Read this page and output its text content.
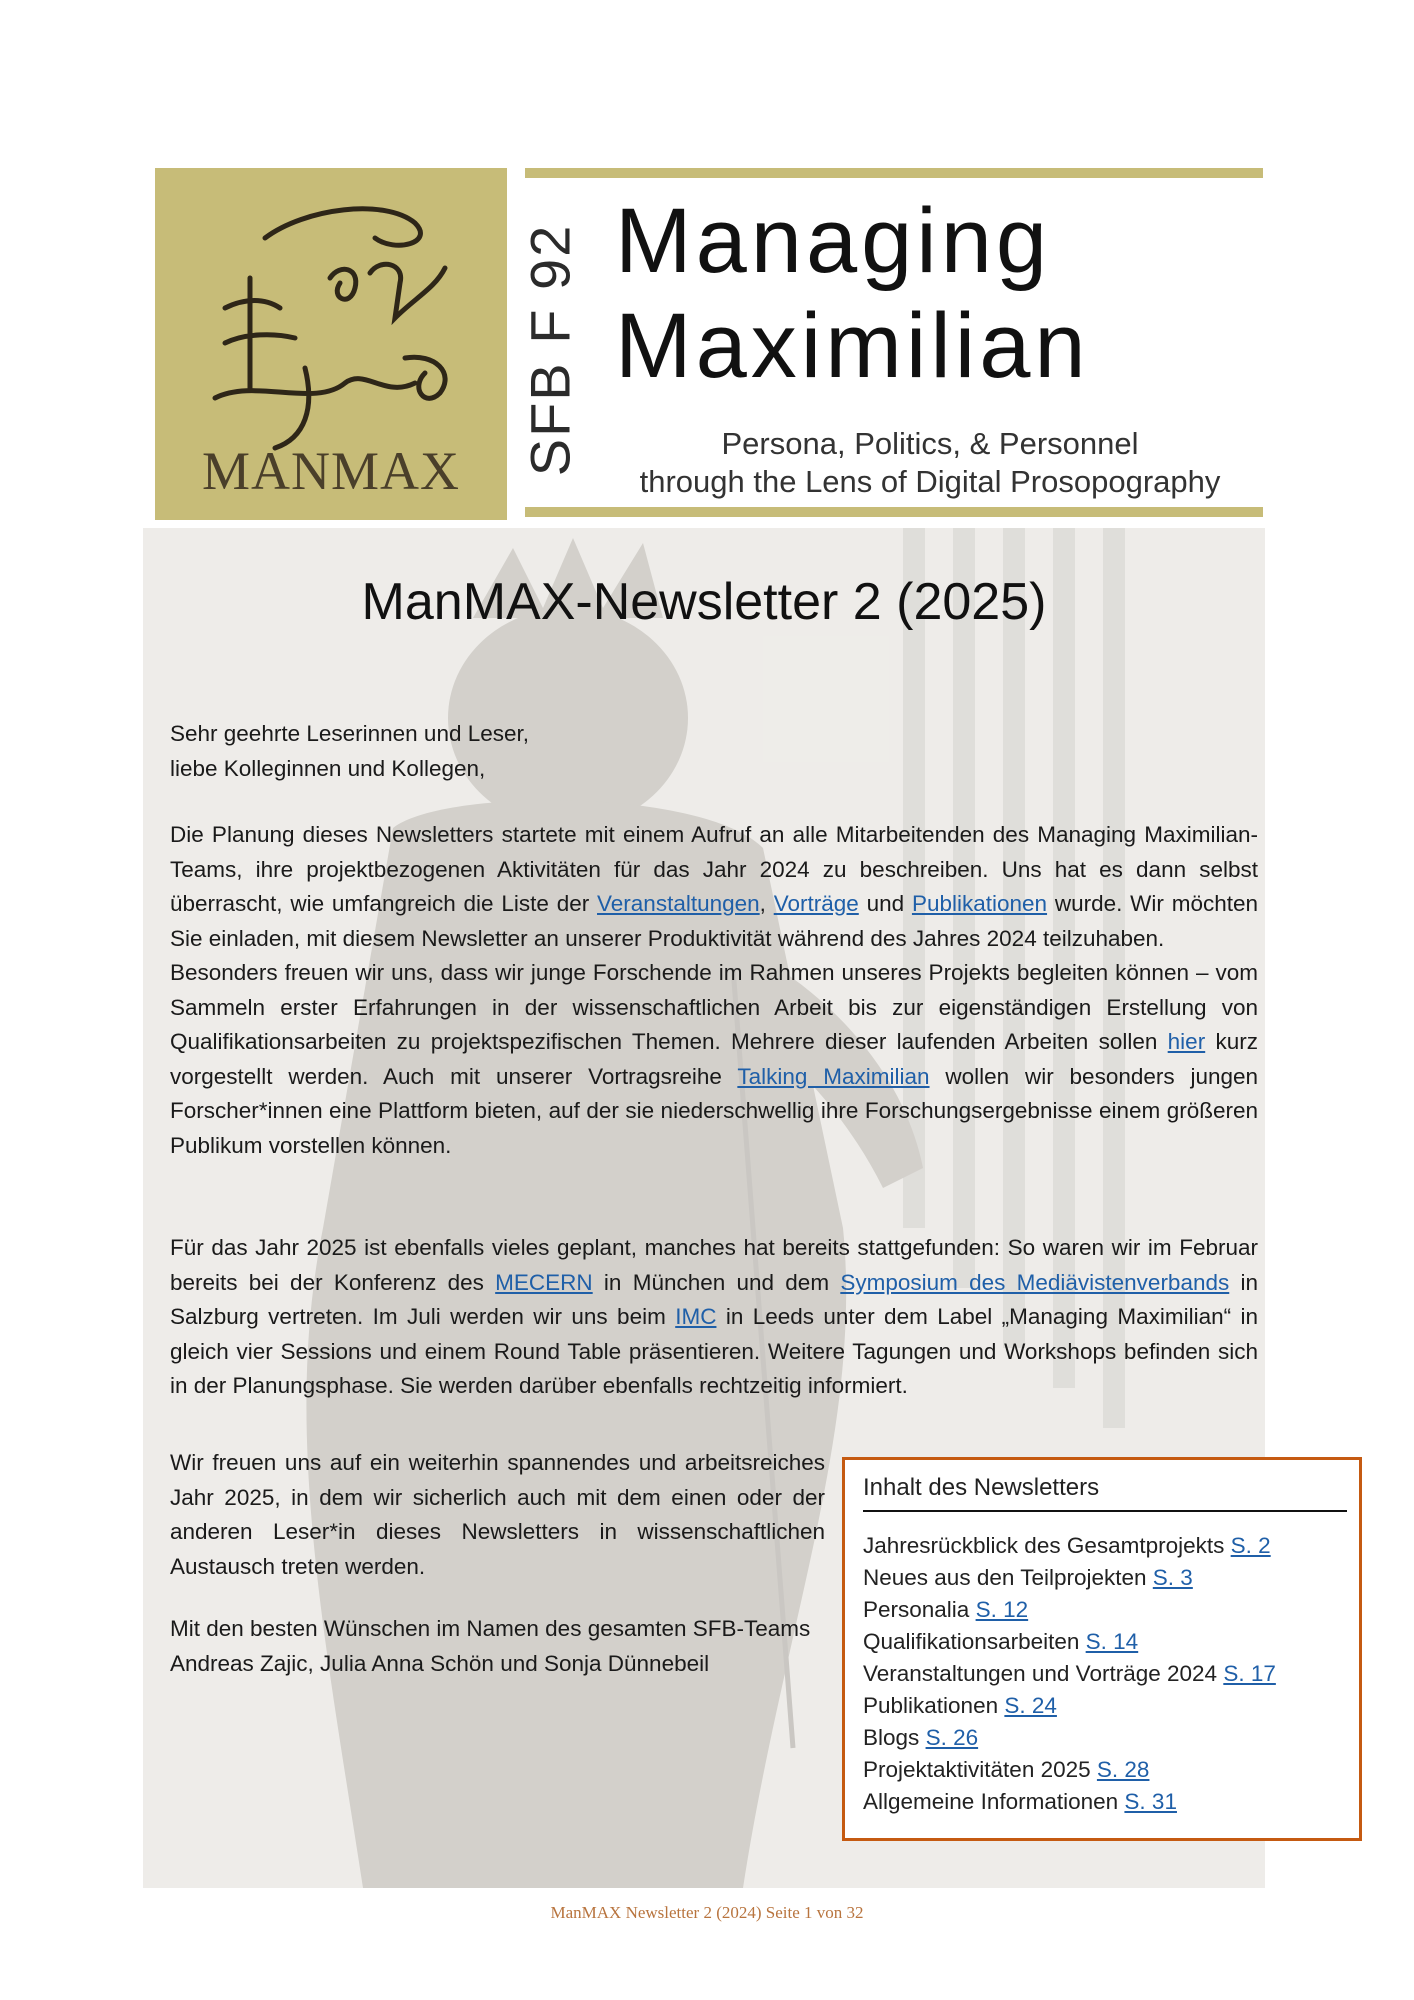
MANMAX	SFB F 92 Managing
Maximilian
Persona, Politics, & Personnel
through the Lens of Digital Prosopography
ManMAX-Newsletter 2 (2025)

Sehr geehrte Leserinnen und Leser,

liebe Kolleginnen und Kollegen,

Die Planung dieses Newsletters startete mit einem Aufruf an alle Mitarbeitenden des Managing Maximilian-Teams, ihre projektbezogenen Aktivitäten für das Jahr 2024 zu beschreiben. Uns hat es dann selbst überrascht, wie umfangreich die Liste der Veranstaltungen, Vorträge und Publikationen wurde. Wir möchten Sie einladen, mit diesem Newsletter an unserer Produktivität während des Jahres 2024 teilzuhaben.

Besonders freuen wir uns, dass wir junge Forschende im Rahmen unseres Projekts begleiten können – vom Sammeln erster Erfahrungen in der wissenschaftlichen Arbeit bis zur eigenständigen Erstellung von Qualifikationsarbeiten zu projektspezifischen Themen. Mehrere dieser laufenden Arbeiten sollen hier kurz vorgestellt werden. Auch mit unserer Vortragsreihe Talking Maximilian wollen wir besonders jungen Forscher*innen eine Plattform bieten, auf der sie niederschwellig ihre Forschungsergebnisse einem größeren Publikum vorstellen können.

Für das Jahr 2025 ist ebenfalls vieles geplant, manches hat bereits stattgefunden: So waren wir im Februar bereits bei der Konferenz des MECERN in München und dem Symposium des Mediävistenverbands in Salzburg vertreten. Im Juli werden wir uns beim IMC in Leeds unter dem Label „Managing Maximilian“ in gleich vier Sessions und einem Round Table präsentieren. Weitere Tagungen und Workshops befinden sich in der Planungsphase. Sie werden darüber ebenfalls rechtzeitig informiert.

Wir freuen uns auf ein weiterhin spannendes und arbeitsreiches Jahr 2025, in dem wir sicherlich auch mit dem einen oder der anderen Leser*in dieses Newsletters in wissenschaftlichen Austausch treten werden.

Mit den besten Wünschen im Namen des gesamten SFB-Teams

Andreas Zajic, Julia Anna Schön und Sonja Dünnebeil

Inhalt des Newsletters
Jahresrückblick des Gesamtprojekts S. 2
Neues aus den Teilprojekten S. 3
Personalia S. 12
Qualifikationsarbeiten S. 14
Veranstaltungen und Vorträge 2024 S. 17
Publikationen S. 24
Blogs S. 26
Projektaktivitäten 2025 S. 28
Allgemeine Informationen S. 31
ManMAX Newsletter 2 (2024) Seite 1 von 32
